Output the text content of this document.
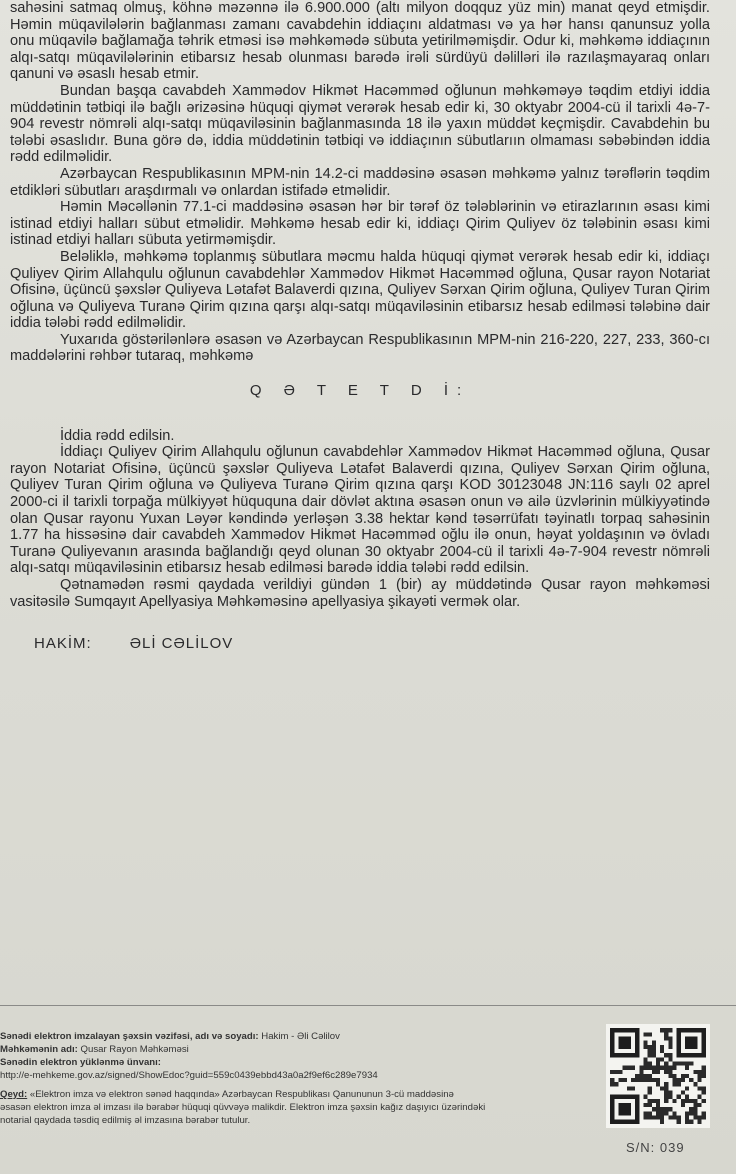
sahəsini satmaq olmuş, köhnə məzənnə ilə 6.900.000 (altı milyon doqquz yüz min) manat qeyd etmişdir. Həmin müqavilələrin bağlanması zamanı cavabdehin iddiaçını aldatması və ya hər hansı qanunsuz yolla onu müqavilə bağlamağa təhrik etməsi isə məhkəmədə sübuta yetirilməmişdir. Odur ki, məhkəmə iddiaçının alqı-satqı müqavilələrinin etibarsız hesab olunması barədə irəli sürdüyü dəlilləri ilə razılaşmayaraq onları qanuni və əsaslı hesab etmir.

Bundan başqa cavabdeh Xammədov Hikmət Hacəmməd oğlunun məhkəməyə təqdim etdiyi iddia müddətinin tətbiqi ilə bağlı ərizəsinə hüquqi qiymət verərək hesab edir ki, 30 oktyabr 2004-cü il tarixli 4ə-7-904 revestr nömrəli alqı-satqı müqaviləsinin bağlanmasında 18 ilə yaxın müddət keçmişdir. Cavabdehin bu tələbi əsaslıdır. Buna görə də, iddia müddətinin tətbiqi və iddiaçının sübutlarıın olmaması səbəbindən iddia rədd edilməlidir.

Azərbaycan Respublikasının MPM-nin 14.2-ci maddəsinə əsasən məhkəmə yalnız tərəflərin təqdim etdikləri sübutları araşdırmalı və onlardan istifadə etməlidir.

Həmin Məcəllənin 77.1-ci maddəsinə əsasən hər bir tərəf öz tələblərinin və etirazlarının əsası kimi istinad etdiyi halları sübut etməlidir. Məhkəmə hesab edir ki, iddiaçı Qirim Quliyev öz tələbinin əsası kimi istinad etdiyi halları sübuta yetirməmişdir.

Beləliklə, məhkəmə toplanmış sübutlara məcmu halda hüquqi qiymət verərək hesab edir ki, iddiaçı Quliyev Qirim Allahqulu oğlunun cavabdehlər Xammədov Hikmət Hacəmməd oğluna, Qusar rayon Notariat Ofisinə, üçüncü şəxslər Quliyeva Lətafət Balaverdi qızına, Quliyev Sərxan Qirim oğluna, Quliyev Turan Qirim oğluna və Quliyeva Turanə Qirim qızına qarşı alqı-satqı müqaviləsinin etibarsız hesab edilməsi tələbinə dair iddia tələbi rədd edilməlidir.

Yuxarıda göstərilənlərə əsasən və Azərbaycan Respublikasının MPM-nin 216-220, 227, 233, 360-cı maddələrini rəhbər tutaraq, məhkəmə

Q Ə T E T D İ:

İddia rədd edilsin.

İddiaçı Quliyev Qirim Allahqulu oğlunun cavabdehlər Xammədov Hikmət Hacəmməd oğluna, Qusar rayon Notariat Ofisinə, üçüncü şəxslər Quliyeva Lətafət Balaverdi qızına, Quliyev Sərxan Qirim oğluna, Quliyev Turan Qirim oğluna və Quliyeva Turanə Qirim qızına qarşı KOD 30123048 JN:116 saylı 02 aprel 2000-ci il tarixli torpağa mülkiyyət hüququna dair dövlət aktına əsasən onun və ailə üzvlərinin mülkiyyətində olan Qusar rayonu Yuxan Ləyər kəndində yerləşən 3.38 hektar kənd təsərrüfatı təyinatlı torpaq sahəsinin 1.77 ha hissəsinə dair cavabdeh Xammədov Hikmət Hacəmməd oğlu ilə onun, həyat yoldaşının və övladı Turanə Quliyevanın arasında bağlandığı qeyd olunan 30 oktyabr 2004-cü il tarixli 4ə-7-904 revestr nömrəli alqı-satqı müqaviləsinin etibarsız hesab edilməsi barədə iddia tələbi rədd edilsin.

Qətnamədən rəsmi qaydada verildiyi gündən 1 (bir) ay müddətində Qusar rayon məhkəməsi vasitəsilə Sumqayıt Apellyasiya Məhkəməsinə apellyasiya şikayəti vermək olar.

HAKİM:	ƏLİ CƏLİLOV

Sənədi elektron imzalayan şəxsin vəzifəsi, adı və soyadı: Hakim - Əli Cəlilov
Məhkəmənin adı: Qusar Rayon Məhkəməsi
Sənədin elektron yüklənmə ünvanı:
http://e-mehkeme.gov.az/signed/ShowEdoc?guid=559c0439ebbd43a0a2f9ef6c289e7934
Qeyd: «Elektron imza və elektron sənəd haqqında» Azərbaycan Respublikası Qanununun 3-cü maddəsinə
əsasən elektron imza əl imzası ilə bərabər hüquqi qüvvəyə malikdir. Elektron imza şəxsin kağız daşıyıcı üzərindəki
notarial qaydada təsdiq edilmiş əl imzasına bərabər tutulur.
S/N: 039
